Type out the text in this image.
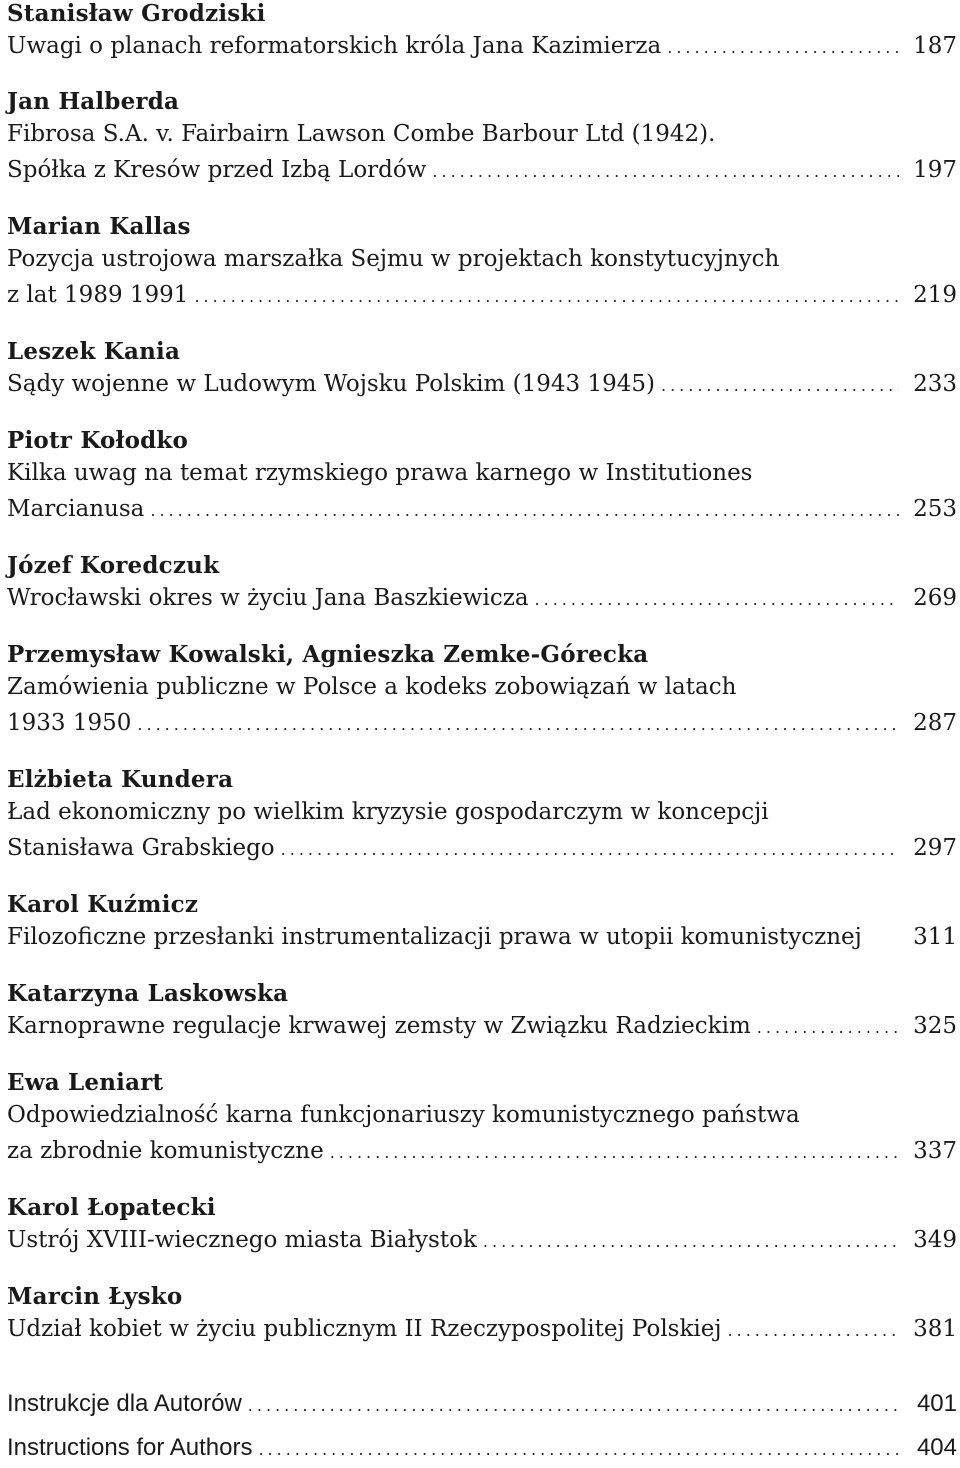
Stanisław Grodziski
Uwagi o planach reformatorskich króla Jana Kazimierza .....	187
Jan Halberda
Fibrosa S.A. v. Fairbairn Lawson Combe Barbour Ltd (1942).
Spółka z Kresów przed Izbą Lordów .....	197
Marian Kallas
Pozycja ustrojowa marszałka Sejmu w projektach konstytucyjnych
z lat 1989 1991 .....	219
Leszek Kania
Sądy wojenne w Ludowym Wojsku Polskim (1943 1945) .....	233
Piotr Kołodko
Kilka uwag na temat rzymskiego prawa karnego w Institutiones
Marcianusa .....	253
Józef Koredczuk
Wrocławski okres w życiu Jana Baszkiewicza .....	269
Przemysław Kowalski, Agnieszka Zemke-Górecka
Zamówienia publiczne w Polsce a kodeks zobowiązań w latach
1933 1950 .....	287
Elżbieta Kundera
Ład ekonomiczny po wielkim kryzysie gospodarczym w koncepcji
Stanisława Grabskiego .....	297
Karol Kuźmicz
Filozoficzne przesłanki instrumentalizacji prawa w utopii komunistycznej 311
Katarzyna Laskowska
Karnoprawne regulacje krwawej zemsty w Związku Radzieckim .....	325
Ewa Leniart
Odpowiedzialność karna funkcjonariuszy komunistycznego państwa
za zbrodnie komunistyczne .....	337
Karol Łopatecki
Ustrój XVIII-wiecznego miasta Białystok .....	349
Marcin Łysko
Udział kobiet w życiu publicznym II Rzeczypospolitej Polskiej .....	381
Instrukcje dla Autorów .....	401
Instructions for Authors .....	404
